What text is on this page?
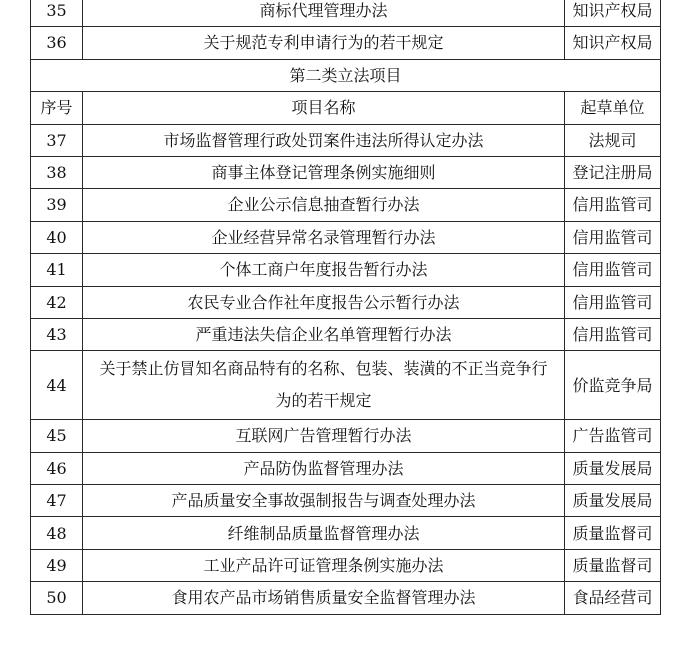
35	商标代理管理办法	知识产权局
36	关于规范专利申请行为的若干规定	知识产权局
第二类立法项目		
序号	项目名称	起草单位
37	市场监督管理行政处罚案件违法所得认定办法	法规司
38	商事主体登记管理条例实施细则	登记注册局
39	企业公示信息抽查暂行办法	信用监管司
40	企业经营异常名录管理暂行办法	信用监管司
41	个体工商户年度报告暂行办法	信用监管司
42	农民专业合作社年度报告公示暂行办法	信用监管司
43	严重违法失信企业名单管理暂行办法	信用监管司
44	关于禁止仿冒知名商品特有的名称、包装、装潢的不正当竞争行为的若干规定	价监竞争局
45	互联网广告管理暂行办法	广告监管司
46	产品防伪监督管理办法	质量发展局
47	产品质量安全事故强制报告与调查处理办法	质量发展局
48	纤维制品质量监督管理办法	质量监督司
49	工业产品许可证管理条例实施办法	质量监督司
50	食用农产品市场销售质量安全监督管理办法	食品经营司
